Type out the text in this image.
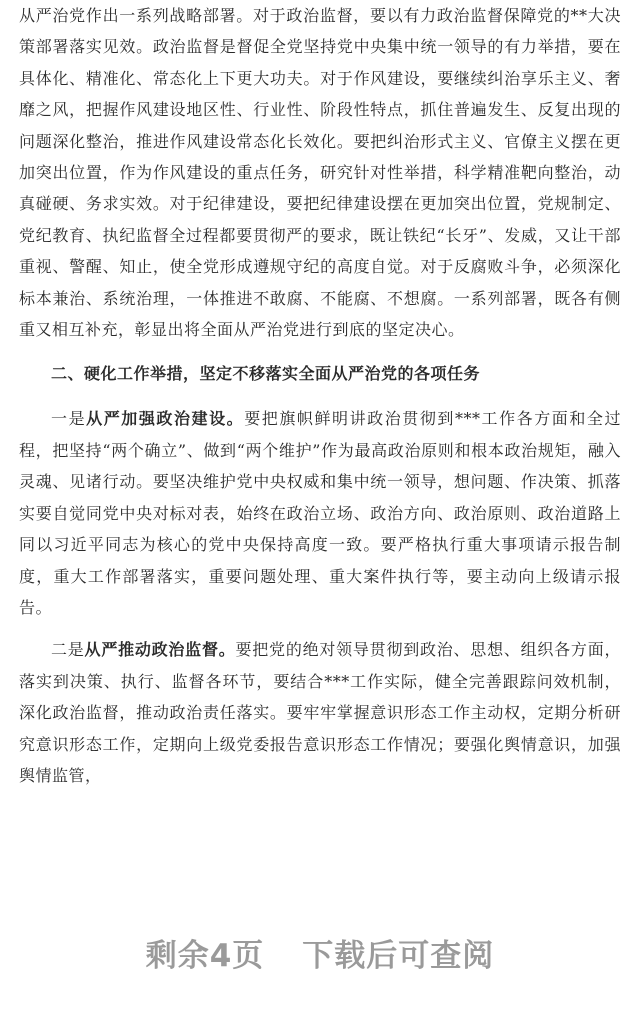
从严治党作出一系列战略部署。对于政治监督，要以有力政治监督保障党的**大决策部署落实见效。政治监督是督促全党坚持党中央集中统一领导的有力举措，要在具体化、精准化、常态化上下更大功夫。对于作风建设，要继续纠治享乐主义、奢靡之风，把握作风建设地区性、行业性、阶段性特点，抓住普遍发生、反复出现的问题深化整治，推进作风建设常态化长效化。要把纠治形式主义、官僚主义摆在更加突出位置，作为作风建设的重点任务，研究针对性举措，科学精准靶向整治，动真碰硬、务求实效。对于纪律建设，要把纪律建设摆在更加突出位置，党规制定、党纪教育、执纪监督全过程都要贯彻严的要求，既让铁纪“长牙”、发威，又让干部重视、警醒、知止，使全党形成遵规守纪的高度自觉。对于反腐败斗争，必须深化标本兼治、系统治理，一体推进不敢腐、不能腐、不想腐。一系列部署，既各有侧重又相互补充，彰显出将全面从严治党进行到底的坚定决心。

二、硬化工作举措，坚定不移落实全面从严治党的各项任务

一是从严加强政治建设。要把旗帜鲜明讲政治贯彻到***工作各方面和全过程，把坚持“两个确立”、做到“两个维护”作为最高政治原则和根本政治规矩，融入灵魂、见诸行动。要坚决维护党中央权威和集中统一领导，想问题、作决策、抓落实要自觉同党中央对标对表，始终在政治立场、政治方向、政治原则、政治道路上同以习近平同志为核心的党中央保持高度一致。要严格执行重大事项请示报告制度，重大工作部署落实，重要问题处理、重大案件执行等，要主动向上级请示报告。

二是从严推动政治监督。要把党的绝对领导贯彻到政治、思想、组织各方面，落实到决策、执行、监督各环节，要结合***工作实际，健全完善跟踪问效机制，深化政治监督，推动政治责任落实。要牢牢掌握意识形态工作主动权，定期分析研究意识形态工作，定期向上级党委报告意识形态工作情况；要强化舆情意识，加强舆情监管，

剩余4页 下载后可查阅
